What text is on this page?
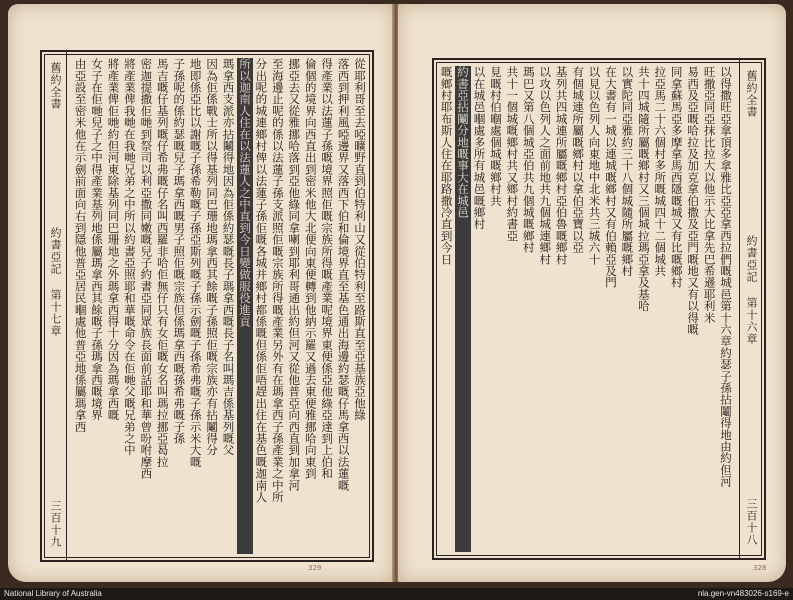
舊約全書
約書亞記 第十七章
三百十九
從耶利哥至去啞曠野直到伯特利山又從伯特利至路斯直至亞基族亞他綠
落西到押利風啞邊界又落西下伯和倫境界直至基色通出海邊約瑟嘅仔馬拿西以法蓮嘅
得產業以法蓮子孫嘅境界照佢嘅宗族所得嘅產業呢境界東便係亞他綠亞達到上伯和
倫個的境界向西直出到密米他大北便向東便轉到他納示羅又過去東便雅挪哈向東到
挪亞去又從雅挪哈落到亞他綠同拿喇到耶利哥通出約但河又從他普亞向西直到加拿河
至海邊止呢的係以法蓮子孫支派照佢嘅宗族所得嘅產業另外有在瑪拿西子孫產業之中所
分出呢的城連鄉村俾以法蓮子孫佢嘅各城并鄉村都係嘅但係佢唔趕出住在基色嘅迦南人
所以迦南人住在以法蓮人之中直到今日變做服役進貢
瑪拿西支派亦拈鬮得地因為佢係約瑟嘅長子瑪拿西嘅長子名叫瑪吉係基列嘅父
因為佢係戰士所以得基列同巴珊地瑪拿西其餘嘅子孫照佢嘅宗族亦有拈鬮得分
地即係亞比以謝嘅子孫希勒嘅子孫亞斯列嘅子孫示劍嘅子孫希弗嘅子孫示米大嘅
子孫呢的係約瑟嘅兒子瑪拿西嘅男子照佢嘅宗族但係瑪拿西嘅孫希弗嘅子孫
馬吉嘅仔基列嘅仔希弗嘅仔名叫西羅非哈佢無仔只有女佢嘅女名叫瑪拉挪亞曷拉
密迦提撒佢哋到祭司以利亞撒同嫩嘅兒子約書亞同眾族長面前話耶和華曾吩咐摩西
將產業俾我哋在我哋兄弟之中所以約書亞照耶和華嘅命令在佢哋父嘅兄弟之中
將產業俾佢哋約但河東除基列同巴珊地之外瑪拿西得十分因為瑪拿西嘅
女子在佢哋兒子之中得產業基列地係屬瑪拿西其餘嘅子孫瑪拿西嘅境界
由亞設至密米他在示劍前面向右到隱他普亞居民嗰處他普亞地係屬瑪拿西
329
舊約全書
約書亞記 第十六章
三百十八
以得撒旺亞拿頂多拿雅比亞亞拿西拉們嘅城邑第十六章約瑟子孫拈鬮得地由約但河
旺撒亞同亞抹比拉大以他示大比拿先巴希遜耶利米
易西及亞嘅哈拉及加克拿伯撒及亞門嘅地又有以得嘅
同拿蘇馬亞多摩拿馬西隱嘅城又有比嘅鄉村
拉亞馬二十六個村多所嘅城四十二個城共
共十四城隨所屬嘅鄉村又三個城拉瑪亞拿及基哈
以實陀同亞雅約三十八個城隨所屬嘅鄉村
在大書有一城以連城嘅鄉村又有伯賴亞及門
以見以色列人向東地中北米共三城六十
有個城連所屬嘅鄉村以拿伯亞寶以亞
基列共四城連所屬嘅鄉村亞伯魯嘅鄉村
以攻以色列人之面前地共九個城連鄉村
瑪巴又第八個城亞伯共九個城嘅鄉村
共十一個城嘅鄉村共又鄉村約書亞
見嘅村伯嗰處個城嘅鄉村共
以在城邑嗰處多所有城邑嘅鄉村
約書亞拈鬮分地嘅事大在城邑
嘅鄉村耶布斯人住在耶路撒冷直到今日
328
National Library of Australia	nla.gen-vn483026-s169-e
